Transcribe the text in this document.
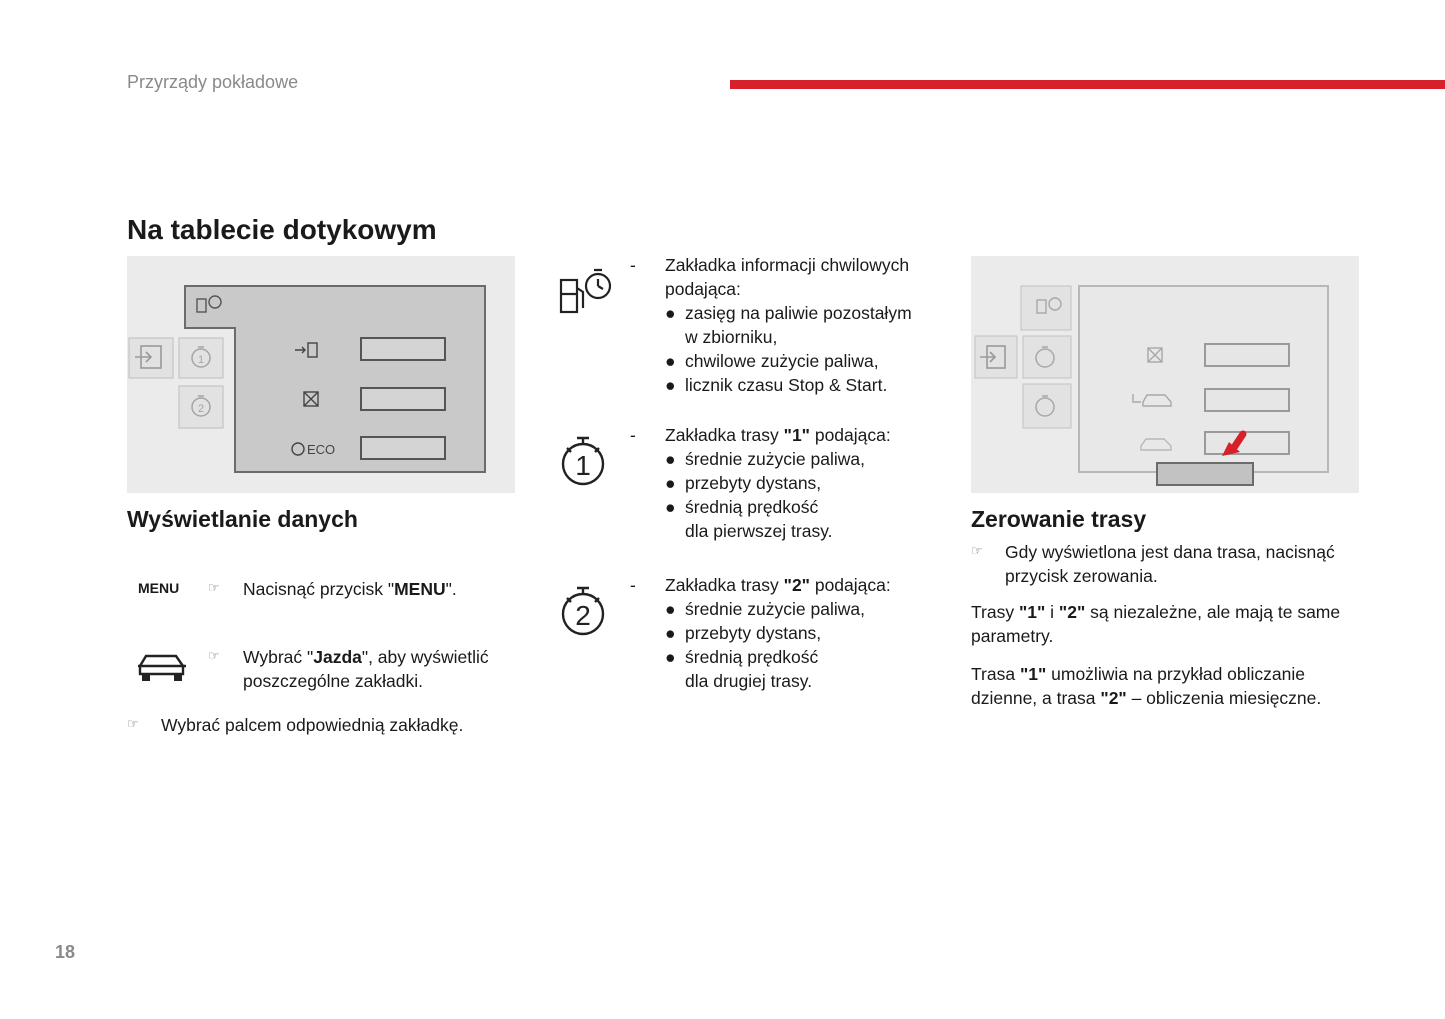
Przyrządy pokładowe
Na tablecie dotykowym
1
2
ECO
Wyświetlanie danych
MENU ☞ Nacisnąć przycisk "MENU".
☞ Wybrać "Jazda", aby wyświetlić
poszczególne zakładki.
☞ Wybrać palcem odpowiednią zakładkę.
1
2
- Zakładka informacji chwilowych
podająca:
● zasięg na paliwie pozostałym
w zbiorniku,
● chwilowe zużycie paliwa,
● licznik czasu Stop & Start.
- Zakładka trasy "1" podająca:
● średnie zużycie paliwa,
● przebyty dystans,
● średnią prędkość
dla pierwszej trasy.
- Zakładka trasy "2" podająca:
● średnie zużycie paliwa,
● przebyty dystans,
● średnią prędkość
dla drugiej trasy.
Zerowanie trasy
☞ Gdy wyświetlona jest dana trasa, nacisnąć
przycisk zerowania.
Trasy "1" i "2" są niezależne, ale mają te same
parametry.
Trasa "1" umożliwia na przykład obliczanie
dzienne, a trasa "2" – obliczenia miesięczne.
18
